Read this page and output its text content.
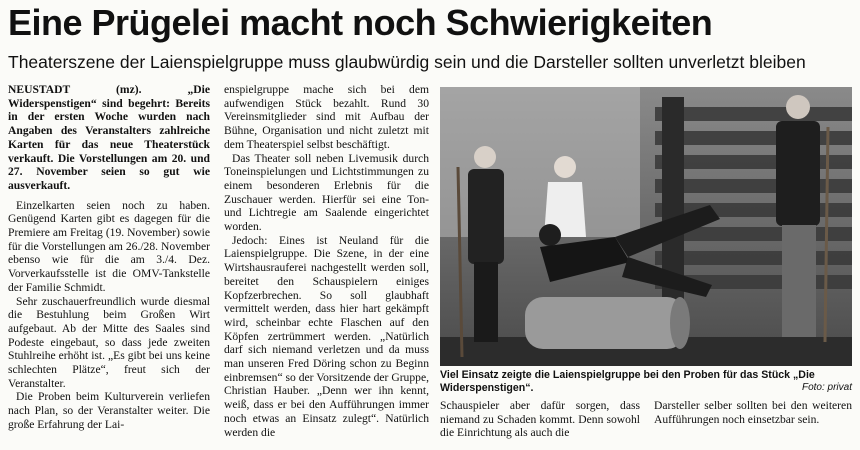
Eine Prügelei macht noch Schwierigkeiten
Theaterszene der Laienspielgruppe muss glaubwürdig sein und die Darsteller sollten unverletzt bleiben

NEUSTADT (mz). „Die Widerspenstigen“ sind begehrt: Bereits in der ersten Woche wurden nach Angaben des Veranstalters zahlreiche Karten für das neue Theaterstück verkauft. Die Vorstellungen am 20. und 27. November seien so gut wie ausverkauft.

Einzelkarten seien noch zu haben. Genügend Karten gibt es dagegen für die Premiere am Freitag (19. November) sowie für die Vorstellungen am 26./28. November ebenso wie für die am 3./4. Dez. Vorverkaufsstelle ist die OMV-Tankstelle der Familie Schmidt.

Sehr zuschauerfreundlich wurde diesmal die Bestuhlung beim Großen Wirt aufgebaut. Ab der Mitte des Saales sind Podeste eingebaut, so dass jede zweiten Stuhlreihe erhöht ist. „Es gibt bei uns keine schlechten Plätze“, freut sich der Veranstalter.

Die Proben beim Kulturverein verliefen nach Plan, so der Veranstalter weiter. Die große Erfahrung der Lai-

enspielgruppe mache sich bei dem aufwendigen Stück bezahlt. Rund 30 Vereinsmitglieder sind mit Aufbau der Bühne, Organisation und nicht zuletzt mit dem Theaterspiel selbst beschäftigt.

Das Theater soll neben Livemusik durch Toneinspielungen und Lichtstimmungen zu einem besonderen Erlebnis für die Zuschauer werden. Hierfür sei eine Ton- und Lichtregie am Saalende eingerichtet worden.

Jedoch: Eines ist Neuland für die Laienspielgruppe. Die Szene, in der eine Wirtshausrauferei nachgestellt werden soll, bereitet den Schauspielern einiges Kopfzerbrechen. So soll glaubhaft vermittelt werden, dass hier hart gekämpft wird, scheinbar echte Flaschen auf den Köpfen zertrümmert werden. „Natürlich darf sich niemand verletzen und da muss man unseren Fred Döring schon zu Beginn einbremsen“ so der Vorsitzende der Gruppe, Christian Hauber. „Denn wer ihn kennt, weiß, dass er bei den Aufführungen immer noch etwas an Einsatz zulegt“. Natürlich werden die

Viel Einsatz zeigte die Laienspielgruppe bei den Proben für das Stück „Die Widerspenstigen“.	Foto: privat

Schauspieler aber dafür sorgen, dass niemand zu Schaden kommt. Denn sowohl die Einrichtung als auch die

Darsteller selber sollten bei den weiteren Aufführungen noch einsetzbar sein.
